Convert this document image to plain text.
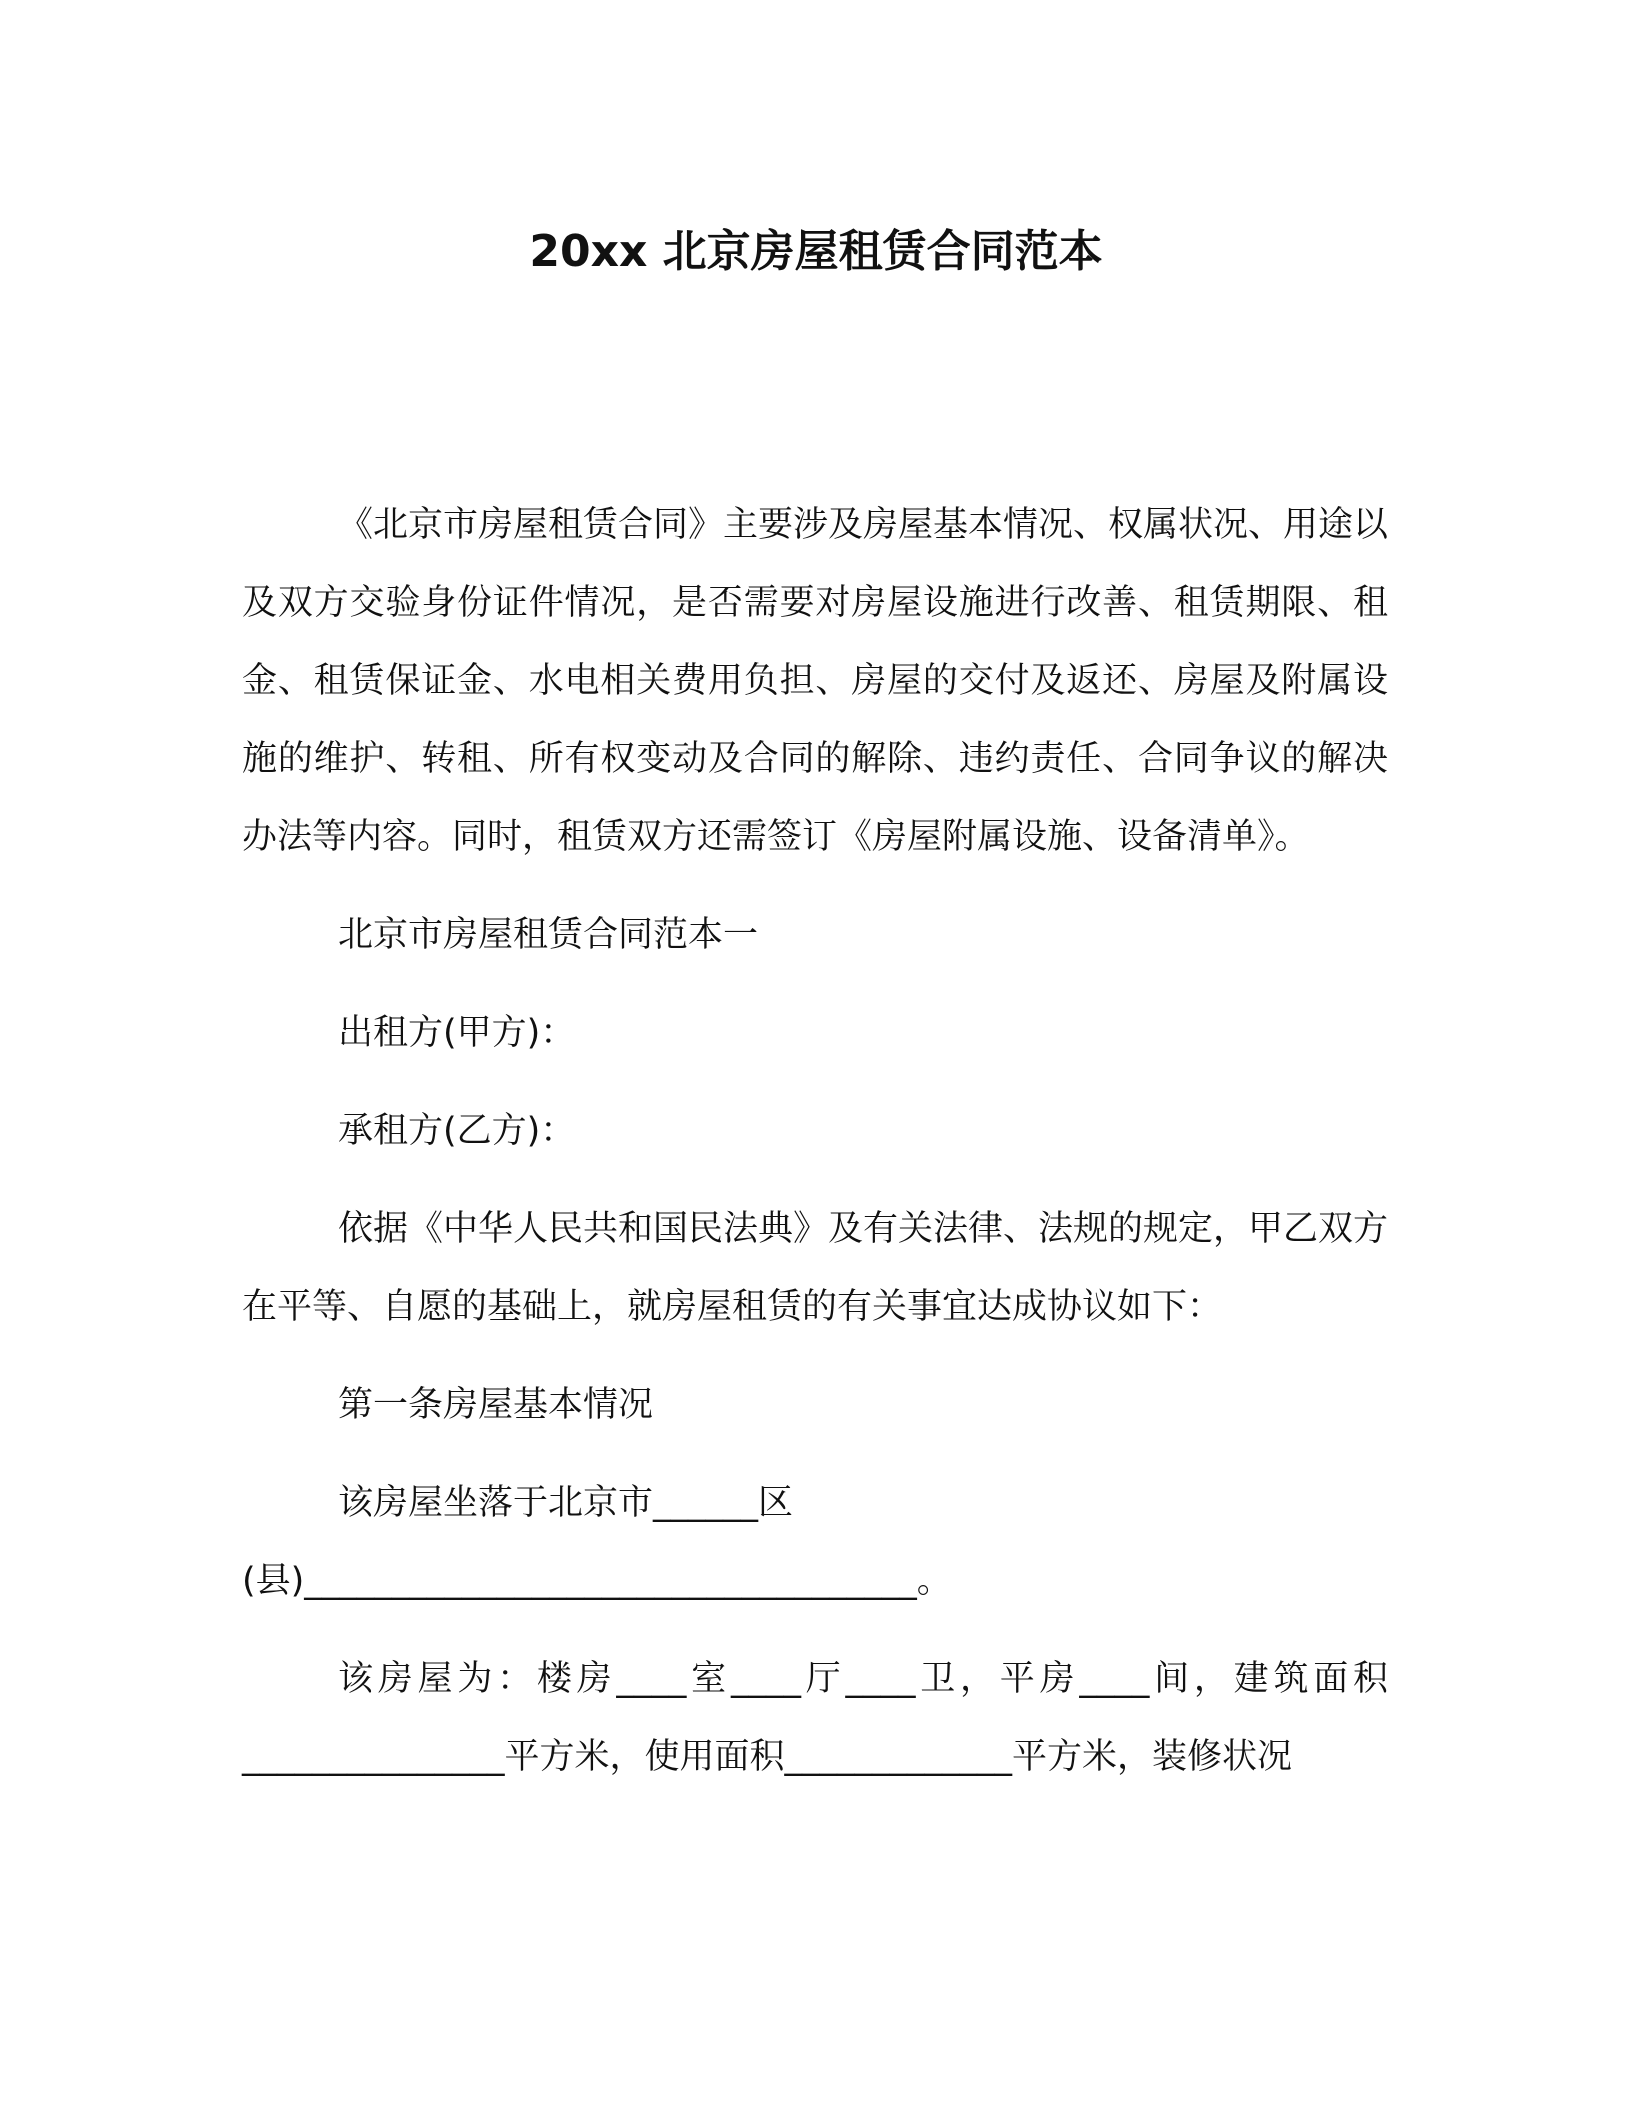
20xx 北京房屋租赁合同范本

《北京市房屋租赁合同》主要涉及房屋基本情况、权属状况、用途以及双方交验身份证件情况，是否需要对房屋设施进行改善、租赁期限、租金、租赁保证金、水电相关费用负担、房屋的交付及返还、房屋及附属设施的维护、转租、所有权变动及合同的解除、违约责任、合同争议的解决办法等内容。同时，租赁双方还需签订《房屋附属设施、设备清单》。

北京市房屋租赁合同范本一

出租方(甲方)：

承租方(乙方)：

依据《中华人民共和国民法典》及有关法律、法规的规定，甲乙双方在平等、自愿的基础上，就房屋租赁的有关事宜达成协议如下：

第一条房屋基本情况

该房屋坐落于北京市______区

(县)___________________________________。

该房屋为：楼房____室____厅____卫，平房____间，建筑面积_______________平方米，使用面积_____________平方米，装修状况
